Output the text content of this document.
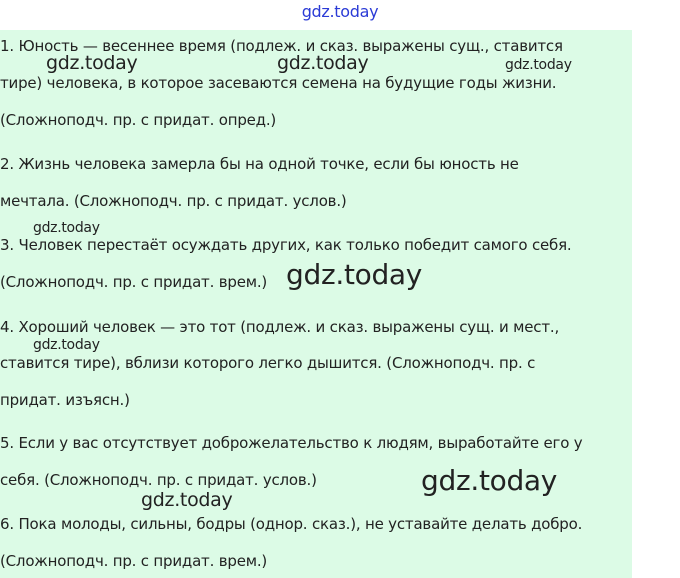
gdz.today
1. Юность — весеннее время (подлеж. и сказ. выражены сущ., ставится
тире) человека, в которое засеваются семена на будущие годы жизни.
(Сложноподч. пр. с придат. опред.)
2. Жизнь человека замерла бы на одной точке, если бы юность не
мечтала. (Сложноподч. пр. с придат. услов.)
3. Человек перестаёт осуждать других, как только победит самого себя.
(Сложноподч. пр. с придат. врем.)
4. Хороший человек — это тот (подлеж. и сказ. выражены сущ. и мест.,
ставится тире), вблизи которого легко дышится. (Сложноподч. пр. с
придат. изъясн.)
5. Если у вас отсутствует доброжелательство к людям, выработайте его у
себя. (Сложноподч. пр. с придат. услов.)
6. Пока молоды, сильны, бодры (однор. сказ.), не уставайте делать добро.
(Сложноподч. пр. с придат. врем.)
gdz.today	gdz.today	gdz.today
gdz.today
gdz.today
gdz.today
gdz.today
gdz.today
